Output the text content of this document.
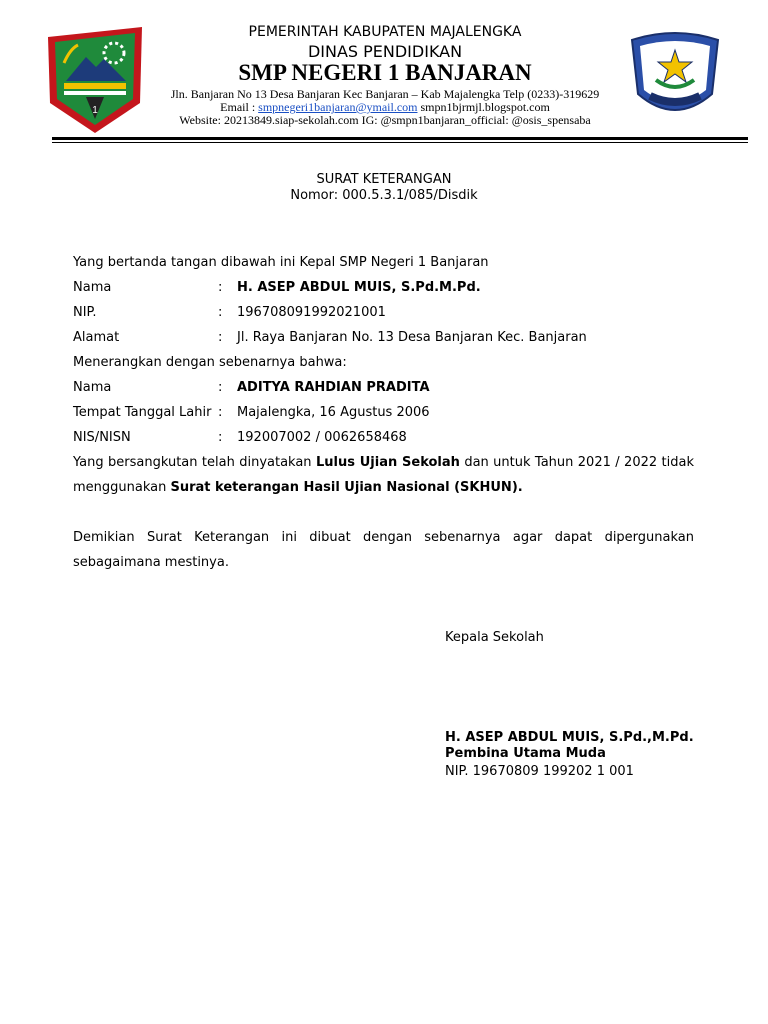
1
PEMERINTAH KABUPATEN MAJALENGKA
DINAS PENDIDIKAN
SMP NEGERI 1 BANJARAN
Jln. Banjaran No 13 Desa Banjaran Kec Banjaran – Kab Majalengka Telp (0233)-319629
Email : smpnegeri1banjaran@ymail.com smpn1bjrmjl.blogspot.com
Website: 20213849.siap-sekolah.com IG: @smpn1banjaran_official: @osis_spensaba
SURAT KETERANGAN
Nomor: 000.5.3.1/085/Disdik
Yang bertanda tangan dibawah ini Kepal SMP Negeri 1 Banjaran
Nama	: H. ASEP ABDUL MUIS, S.Pd.M.Pd.
NIP.	: 196708091992021001
Alamat	: Jl. Raya Banjaran No. 13 Desa Banjaran Kec. Banjaran
Menerangkan dengan sebenarnya bahwa:
Nama	: ADITYA RAHDIAN PRADITA
Tempat Tanggal Lahir : Majalengka, 16 Agustus 2006
NIS/NISN	: 192007002 / 0062658468
Yang bersangkutan telah dinyatakan Lulus Ujian Sekolah dan untuk Tahun 2021 / 2022 tidak
menggunakan Surat keterangan Hasil Ujian Nasional (SKHUN).
Demikian Surat Keterangan ini dibuat dengan sebenarnya agar dapat dipergunakan
sebagaimana mestinya.
Kepala Sekolah
H. ASEP ABDUL MUIS, S.Pd.,M.Pd.
Pembina Utama Muda
NIP. 19670809 199202 1 001
